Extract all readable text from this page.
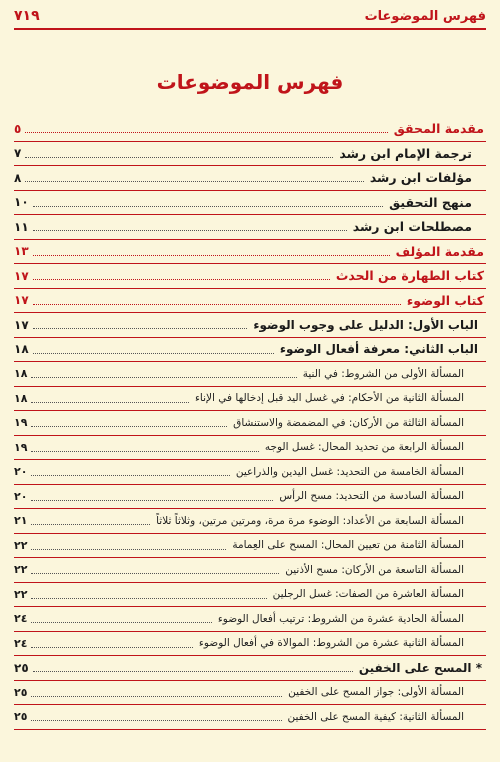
٧١٩	فهرس الموضوعات
فهرس الموضوعات
مقدمة المحقق
٥
ترجمة الإمام ابن رشد
٧
مؤلفات ابن رشد
٨
منهج التحقيق
١٠
مصطلحات ابن رشد
١١
مقدمة المؤلف
١٣
كتاب الطهارة من الحدث
١٧
كتاب الوضوء
١٧
الباب الأول: الدليل على وجوب الوضوء
١٧
الباب الثاني: معرفة أفعال الوضوء
١٨
المسألة الأولى من الشروط: في النية
١٨
المسألة الثانية من الأحكام: في غسل اليد قبل إدخالها في الإناء
١٨
المسألة الثالثة من الأركان: في المضمضة والاستنشاق
١٩
المسألة الرابعة من تحديد المحال: غسل الوجه
١٩
المسألة الخامسة من التحديد: غسل اليدين والذراعين
٢٠
المسألة السادسة من التحديد: مسح الرأس
٢٠
المسألة السابعة من الأعداد: الوضوء مرة مرة، ومرتين مرتين، وثلاثاً ثلاثاً
٢١
المسألة الثامنة من تعيين المحال: المسح على العِمامة
٢٢
المسألة التاسعة من الأركان: مسح الأذنين
٢٢
المسألة العاشرة من الصفات: غسل الرجلين
٢٢
المسألة الحادية عشرة من الشروط: ترتيب أفعال الوضوء
٢٤
المسألة الثانية عشرة من الشروط: الموالاة في أفعال الوضوء
٢٤
* المسح على الخفين
٢٥
المسألة الأولى: جواز المسح على الخفين
٢٥
المسألة الثانية: كيفية المسح على الخفين
٢٥
